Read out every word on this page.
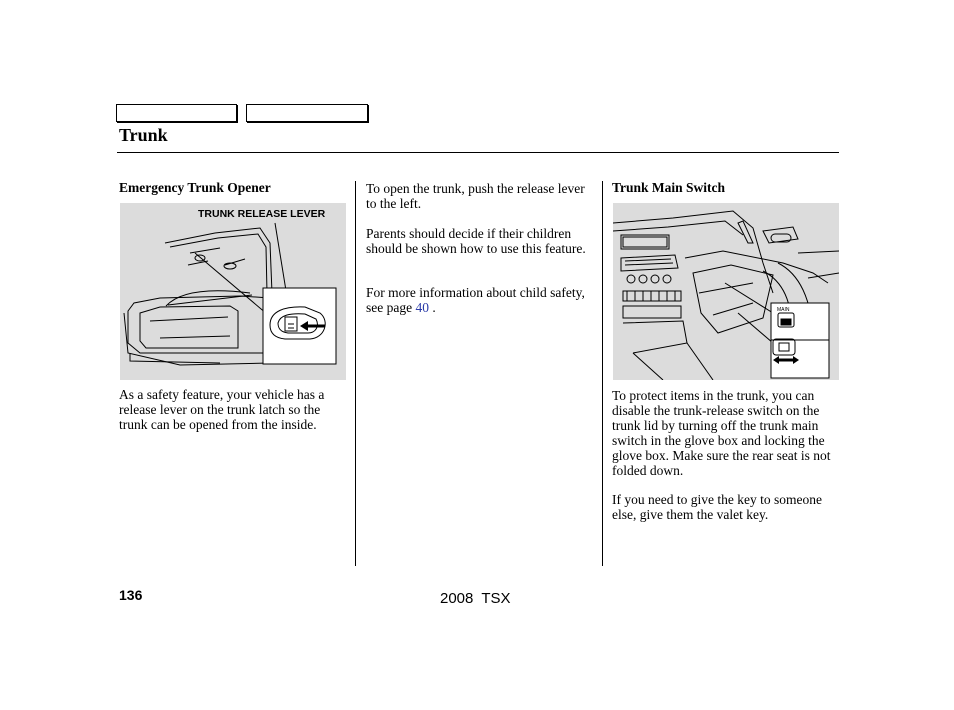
Trunk
Emergency Trunk Opener
TRUNK RELEASE LEVER

As a safety feature, your vehicle has a release lever on the trunk latch so the trunk can be opened from the inside.

To open the trunk, push the release lever to the left.

Parents should decide if their children should be shown how to use this feature.

For more information about child safety, see page 40 .

Trunk Main Switch
MAIN

To protect items in the trunk, you can disable the trunk-release switch on the trunk lid by turning off the trunk main switch in the glove box and locking the glove box. Make sure the rear seat is not folded down.

If you need to give the key to someone else, give them the valet key.

136	2008 TSX
